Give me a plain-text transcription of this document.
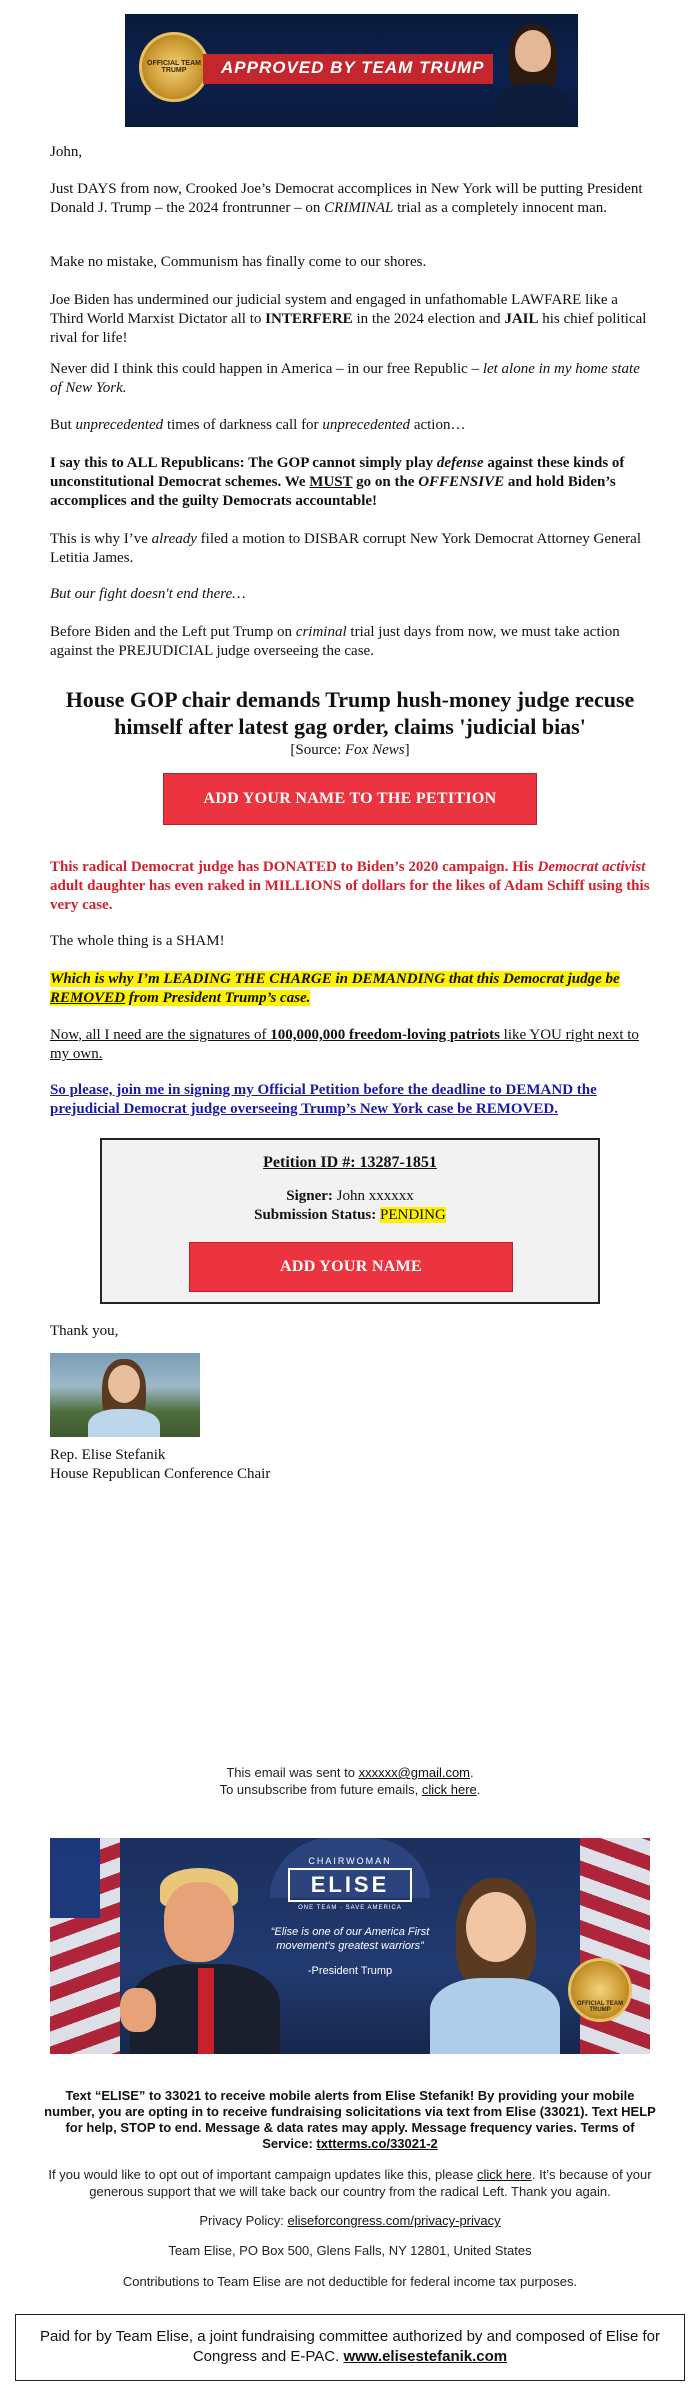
OFFICIAL TEAM TRUMP	APPROVED BY TEAM TRUMP

John,

Just DAYS from now, Crooked Joe’s Democrat accomplices in New York will be putting President Donald J. Trump – the 2024 frontrunner – on CRIMINAL trial as a completely innocent man.

Make no mistake, Communism has finally come to our shores.

Joe Biden has undermined our judicial system and engaged in unfathomable LAWFARE like a Third World Marxist Dictator all to INTERFERE in the 2024 election and JAIL his chief political rival for life!

Never did I think this could happen in America – in our free Republic – let alone in my home state of New York.

But unprecedented times of darkness call for unprecedented action…

I say this to ALL Republicans: The GOP cannot simply play defense against these kinds of unconstitutional Democrat schemes. We MUST go on the OFFENSIVE and hold Biden’s accomplices and the guilty Democrats accountable!

This is why I’ve already filed a motion to DISBAR corrupt New York Democrat Attorney General Letitia James.

But our fight doesn't end there…

Before Biden and the Left put Trump on criminal trial just days from now, we must take action against the PREJUDICIAL judge overseeing the case.

House GOP chair demands Trump hush-money judge recuse himself after latest gag order, claims 'judicial bias'
[Source: Fox News]
ADD YOUR NAME TO THE PETITION

This radical Democrat judge has DONATED to Biden’s 2020 campaign. His Democrat activist adult daughter has even raked in MILLIONS of dollars for the likes of Adam Schiff using this very case.

The whole thing is a SHAM!

Which is why I’m LEADING THE CHARGE in DEMANDING that this Democrat judge be REMOVED from President Trump’s case.

Now, all I need are the signatures of 100,000,000 freedom-loving patriots like YOU right next to my own.

So please, join me in signing my Official Petition before the deadline to DEMAND the prejudicial Democrat judge overseeing Trump’s New York case be REMOVED.

Petition ID #: 13287-1851
Signer: John xxxxxx
Submission Status: PENDING
ADD YOUR NAME

Thank you,

Rep. Elise Stefanik

House Republican Conference Chair

This email was sent to xxxxxx@gmail.com.
To unsubscribe from future emails, click here.
CHAIRWOMAN
ELISE
ONE TEAM · SAVE AMERICA
“Elise is one of our America First movement's greatest warriors”
-President Trump
OFFICIAL TEAM TRUMP
Text “ELISE” to 33021 to receive mobile alerts from Elise Stefanik! By providing your mobile number, you are opting in to receive fundraising solicitations via text from Elise (33021). Text HELP for help, STOP to end. Message & data rates may apply. Message frequency varies. Terms of Service: txtterms.co/33021-2
If you would like to opt out of important campaign updates like this, please click here. It’s because of your generous support that we will take back our country from the radical Left. Thank you again.
Privacy Policy: eliseforcongress.com/privacy-privacy
Team Elise, PO Box 500, Glens Falls, NY 12801, United States
Contributions to Team Elise are not deductible for federal income tax purposes.
Paid for by Team Elise, a joint fundraising committee authorized by and composed of Elise for Congress and E-PAC. www.elisestefanik.com
